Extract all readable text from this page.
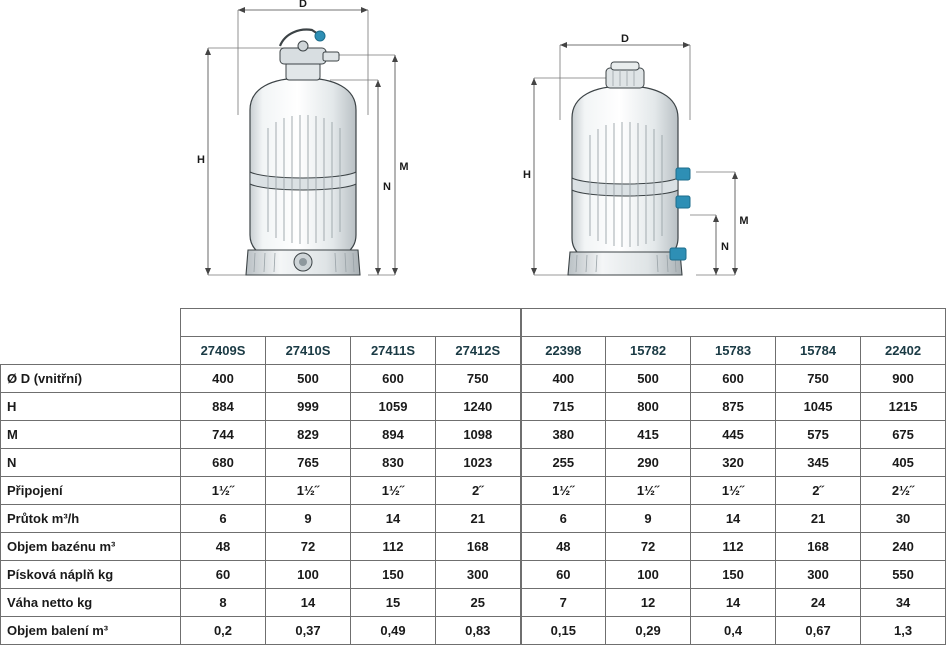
D
H
M
N
D
H
M
N
	Filtr TOP				Filtr s bočním ventilem				
	27409S	27410S	27411S	27412S	22398	15782	15783	15784	22402
Ø D (vnitřní)	400	500	600	750	400	500	600	750	900
H	884	999	1059	1240	715	800	875	1045	1215
M	744	829	894	1098	380	415	445	575	675
N	680	765	830	1023	255	290	320	345	405
Připojení	1½˝	1½˝	1½˝	2˝	1½˝	1½˝	1½˝	2˝	2½˝
Průtok m³/h	6	9	14	21	6	9	14	21	30
Objem bazénu m³	48	72	112	168	48	72	112	168	240
Písková náplň kg	60	100	150	300	60	100	150	300	550
Váha netto kg	8	14	15	25	7	12	14	24	34
Objem balení m³	0,2	0,37	0,49	0,83	0,15	0,29	0,4	0,67	1,3
